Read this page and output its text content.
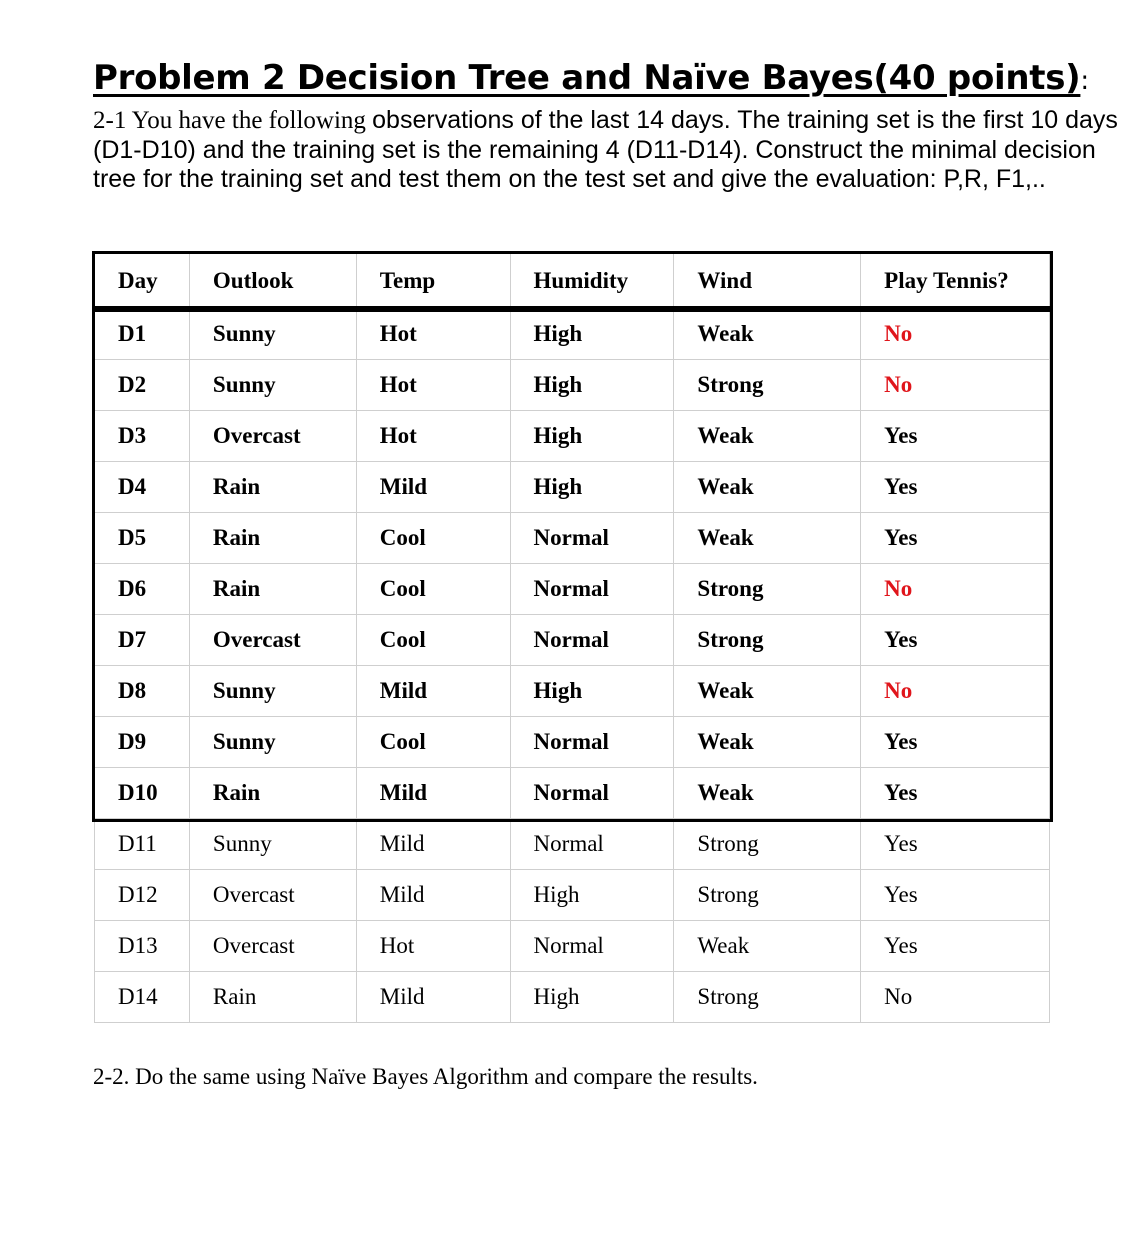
Problem 2 Decision Tree and Naïve Bayes(40 points):
2-1 You have the following observations of the last 14 days. The training set is the first 10 days (D1-D10) and the training set is the remaining 4 (D11-D14). Construct the minimal decision tree for the training set and test them on the test set and give the evaluation: P,R, F1,..
Day	Outlook	Temp	Humidity	Wind	Play Tennis?
D1	Sunny	Hot	High	Weak	No
D2	Sunny	Hot	High	Strong	No
D3	Overcast	Hot	High	Weak	Yes
D4	Rain	Mild	High	Weak	Yes
D5	Rain	Cool	Normal	Weak	Yes
D6	Rain	Cool	Normal	Strong	No
D7	Overcast	Cool	Normal	Strong	Yes
D8	Sunny	Mild	High	Weak	No
D9	Sunny	Cool	Normal	Weak	Yes
D10	Rain	Mild	Normal	Weak	Yes
D11	Sunny	Mild	Normal	Strong	Yes
D12	Overcast	Mild	High	Strong	Yes
D13	Overcast	Hot	Normal	Weak	Yes
D14	Rain	Mild	High	Strong	No
2-2. Do the same using Naïve Bayes Algorithm and compare the results.
